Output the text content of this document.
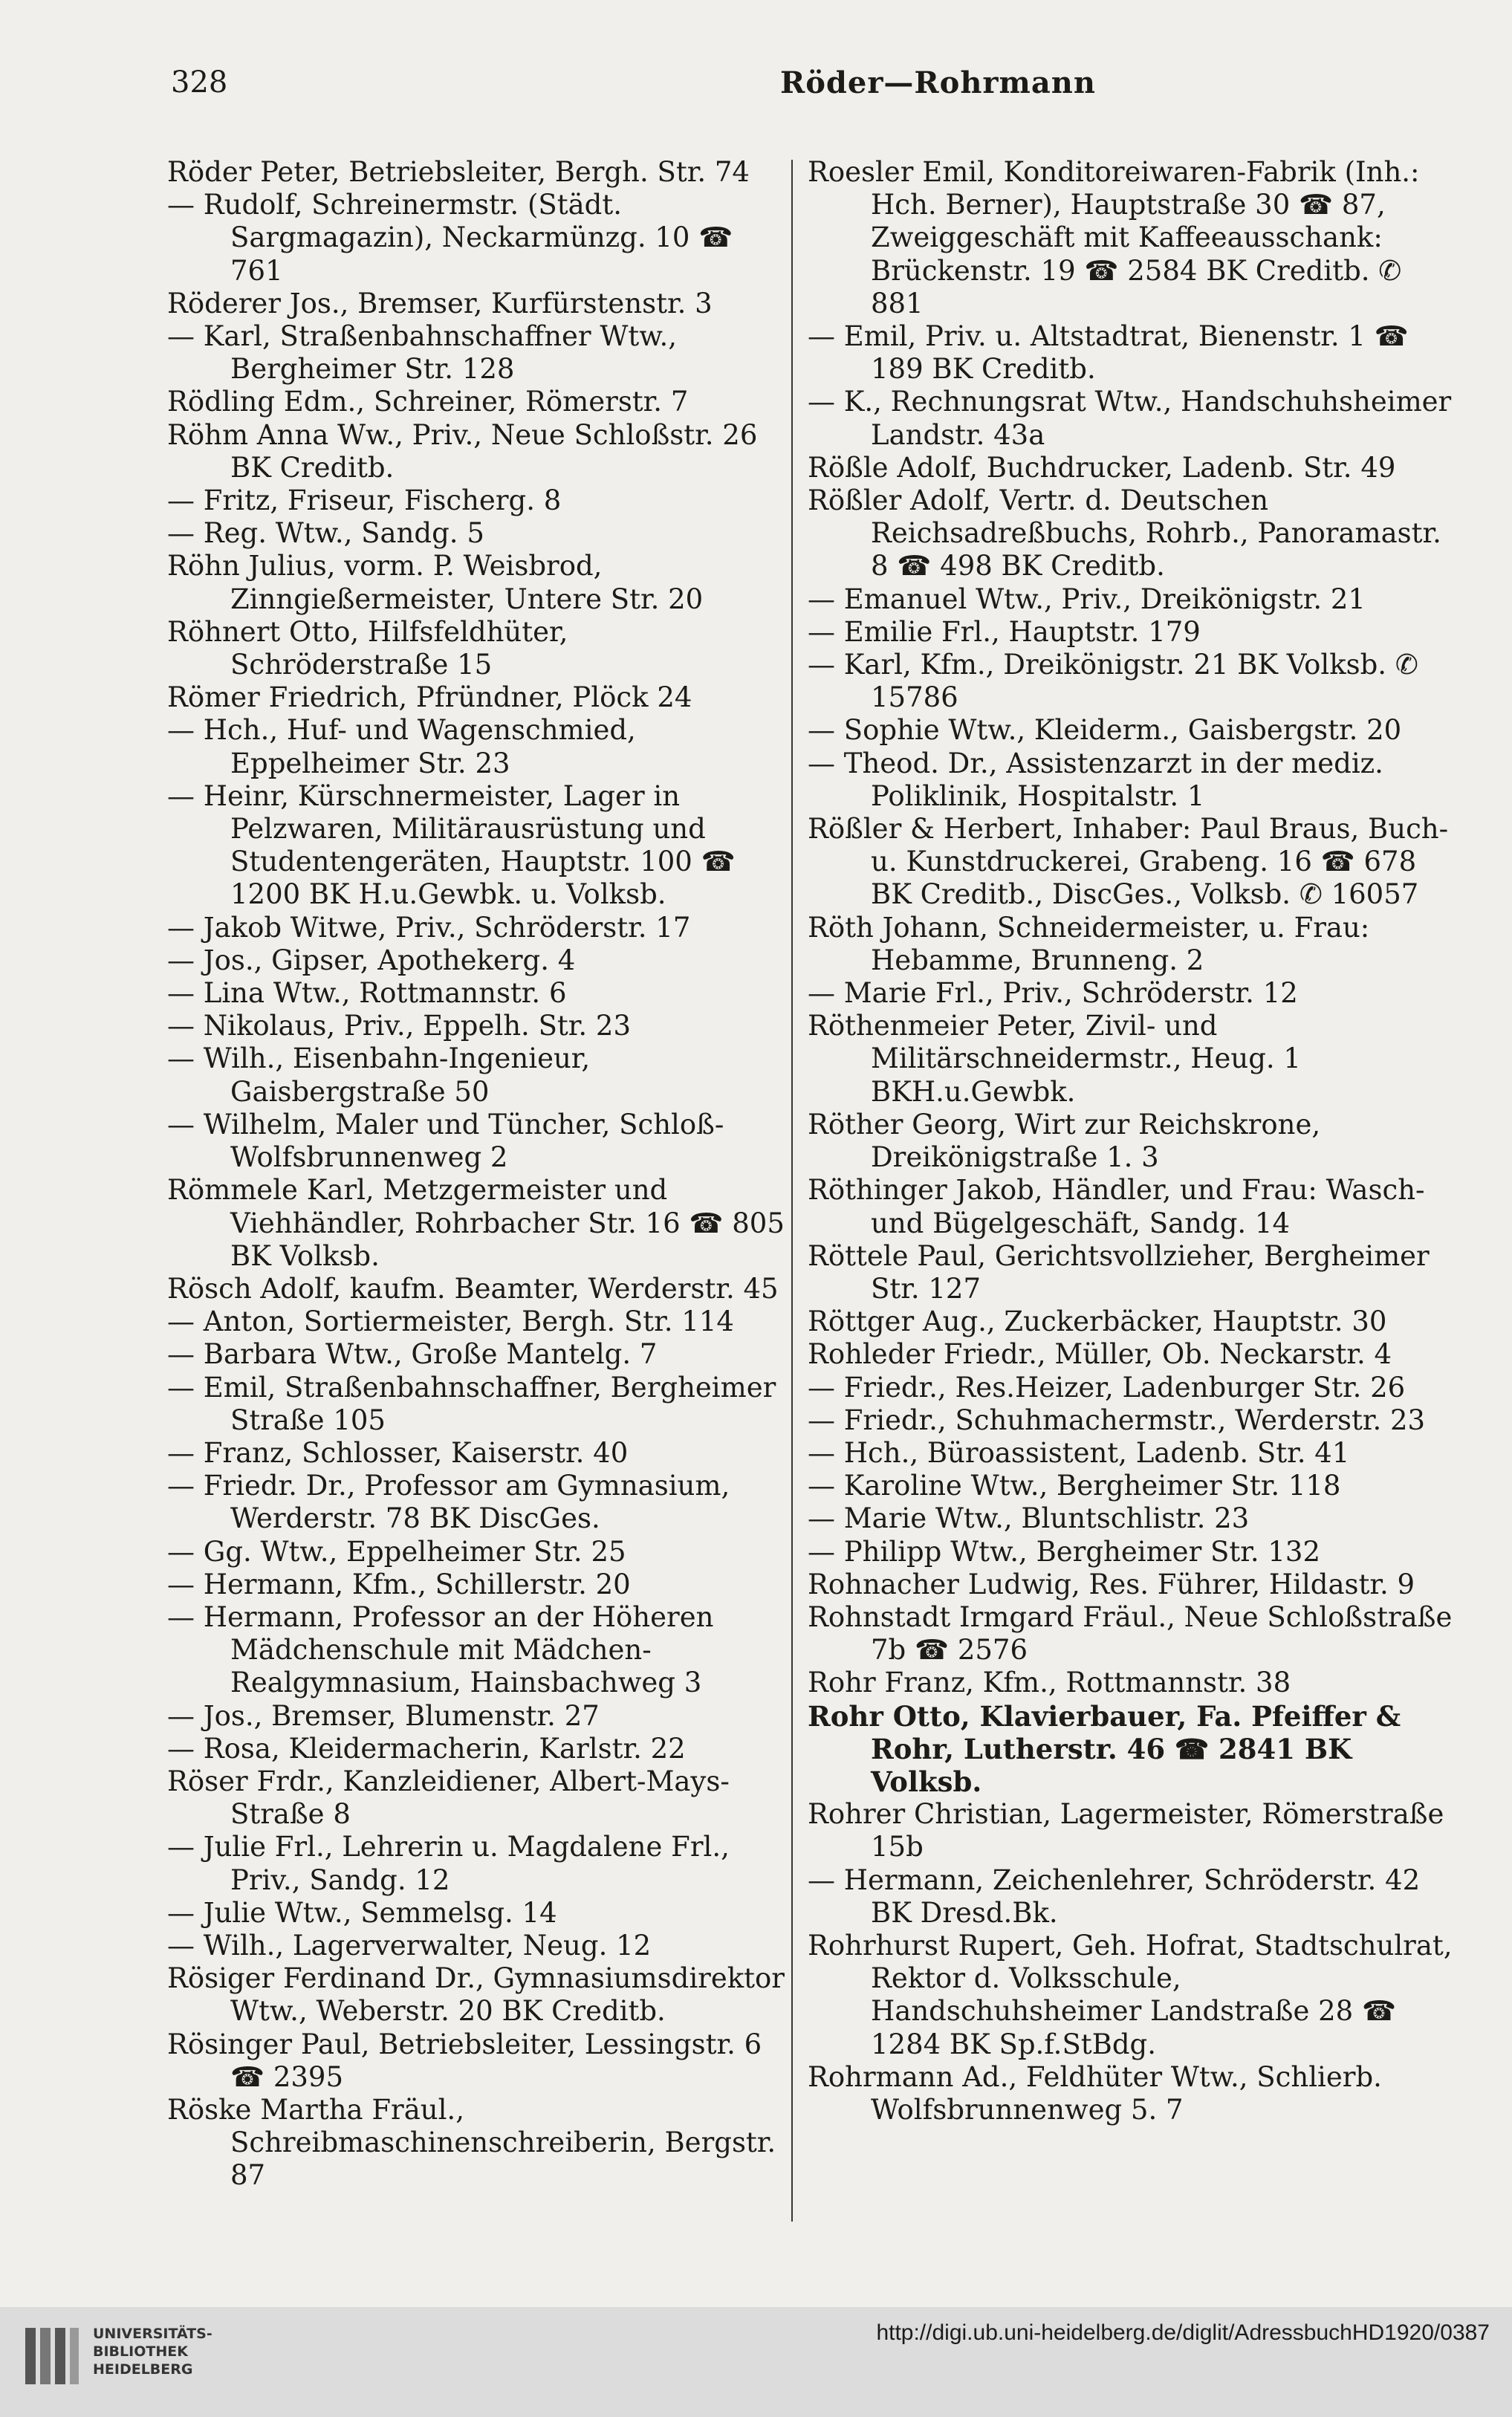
328	Röder—Rohrmann
Röder Peter, Betriebsleiter, Bergh. Str. 74
— Rudolf, Schreinermstr. (Städt. Sargmagazin), Neckarmünzg. 10 ☎ 761
Röderer Jos., Bremser, Kurfürstenstr. 3
— Karl, Straßenbahnschaffner Wtw., Bergheimer Str. 128
Rödling Edm., Schreiner, Römerstr. 7
Röhm Anna Ww., Priv., Neue Schloßstr. 26 BK Creditb.
— Fritz, Friseur, Fischerg. 8
— Reg. Wtw., Sandg. 5
Röhn Julius, vorm. P. Weisbrod, Zinngießermeister, Untere Str. 20
Röhnert Otto, Hilfsfeldhüter, Schröderstraße 15
Römer Friedrich, Pfründner, Plöck 24
— Hch., Huf- und Wagenschmied, Eppelheimer Str. 23
— Heinr, Kürschnermeister, Lager in Pelzwaren, Militärausrüstung und Studentengeräten, Hauptstr. 100 ☎ 1200 BK H.u.Gewbk. u. Volksb.
— Jakob Witwe, Priv., Schröderstr. 17
— Jos., Gipser, Apothekerg. 4
— Lina Wtw., Rottmannstr. 6
— Nikolaus, Priv., Eppelh. Str. 23
— Wilh., Eisenbahn-Ingenieur, Gaisbergstraße 50
— Wilhelm, Maler und Tüncher, Schloß-Wolfsbrunnenweg 2
Römmele Karl, Metzgermeister und Viehhändler, Rohrbacher Str. 16 ☎ 805 BK Volksb.
Rösch Adolf, kaufm. Beamter, Werderstr. 45
— Anton, Sortiermeister, Bergh. Str. 114
— Barbara Wtw., Große Mantelg. 7
— Emil, Straßenbahnschaffner, Bergheimer Straße 105
— Franz, Schlosser, Kaiserstr. 40
— Friedr. Dr., Professor am Gymnasium, Werderstr. 78 BK DiscGes.
— Gg. Wtw., Eppelheimer Str. 25
— Hermann, Kfm., Schillerstr. 20
— Hermann, Professor an der Höheren Mädchenschule mit Mädchen-Realgymnasium, Hainsbachweg 3
— Jos., Bremser, Blumenstr. 27
— Rosa, Kleidermacherin, Karlstr. 22
Röser Frdr., Kanzleidiener, Albert-Mays-Straße 8
— Julie Frl., Lehrerin u. Magdalene Frl., Priv., Sandg. 12
— Julie Wtw., Semmelsg. 14
— Wilh., Lagerverwalter, Neug. 12
Rösiger Ferdinand Dr., Gymnasiumsdirektor Wtw., Weberstr. 20 BK Creditb.
Rösinger Paul, Betriebsleiter, Lessingstr. 6 ☎ 2395
Röske Martha Fräul., Schreibmaschinenschreiberin, Bergstr. 87
Roesler Emil, Konditoreiwaren-Fabrik (Inh.: Hch. Berner), Hauptstraße 30 ☎ 87, Zweiggeschäft mit Kaffeeausschank: Brückenstr. 19 ☎ 2584 BK Creditb. ✆ 881
— Emil, Priv. u. Altstadtrat, Bienenstr. 1 ☎ 189 BK Creditb.
— K., Rechnungsrat Wtw., Handschuhsheimer Landstr. 43a
Rößle Adolf, Buchdrucker, Ladenb. Str. 49
Rößler Adolf, Vertr. d. Deutschen Reichsadreßbuchs, Rohrb., Panoramastr. 8 ☎ 498 BK Creditb.
— Emanuel Wtw., Priv., Dreikönigstr. 21
— Emilie Frl., Hauptstr. 179
— Karl, Kfm., Dreikönigstr. 21 BK Volksb. ✆ 15786
— Sophie Wtw., Kleiderm., Gaisbergstr. 20
— Theod. Dr., Assistenzarzt in der mediz. Poliklinik, Hospitalstr. 1
Rößler & Herbert, Inhaber: Paul Braus, Buch- u. Kunstdruckerei, Grabeng. 16 ☎ 678 BK Creditb., DiscGes., Volksb. ✆ 16057
Röth Johann, Schneidermeister, u. Frau: Hebamme, Brunneng. 2
— Marie Frl., Priv., Schröderstr. 12
Röthenmeier Peter, Zivil- und Militärschneidermstr., Heug. 1 BKH.u.Gewbk.
Röther Georg, Wirt zur Reichskrone, Dreikönigstraße 1. 3
Röthinger Jakob, Händler, und Frau: Wasch- und Bügelgeschäft, Sandg. 14
Röttele Paul, Gerichtsvollzieher, Bergheimer Str. 127
Röttger Aug., Zuckerbäcker, Hauptstr. 30
Rohleder Friedr., Müller, Ob. Neckarstr. 4
— Friedr., Res.Heizer, Ladenburger Str. 26
— Friedr., Schuhmachermstr., Werderstr. 23
— Hch., Büroassistent, Ladenb. Str. 41
— Karoline Wtw., Bergheimer Str. 118
— Marie Wtw., Bluntschlistr. 23
— Philipp Wtw., Bergheimer Str. 132
Rohnacher Ludwig, Res. Führer, Hildastr. 9
Rohnstadt Irmgard Fräul., Neue Schloßstraße 7b ☎ 2576
Rohr Franz, Kfm., Rottmannstr. 38
Rohr Otto, Klavierbauer, Fa. Pfeiffer & Rohr, Lutherstr. 46 ☎ 2841 BK Volksb.
Rohrer Christian, Lagermeister, Römerstraße 15b
— Hermann, Zeichenlehrer, Schröderstr. 42 BK Dresd.Bk.
Rohrhurst Rupert, Geh. Hofrat, Stadtschulrat, Rektor d. Volksschule, Handschuhsheimer Landstraße 28 ☎ 1284 BK Sp.f.StBdg.
Rohrmann Ad., Feldhüter Wtw., Schlierb. Wolfsbrunnenweg 5. 7
UNIVERSITÄTS-
BIBLIOTHEK
HEIDELBERG
http://digi.ub.uni-heidelberg.de/diglit/AdressbuchHD1920/0387
